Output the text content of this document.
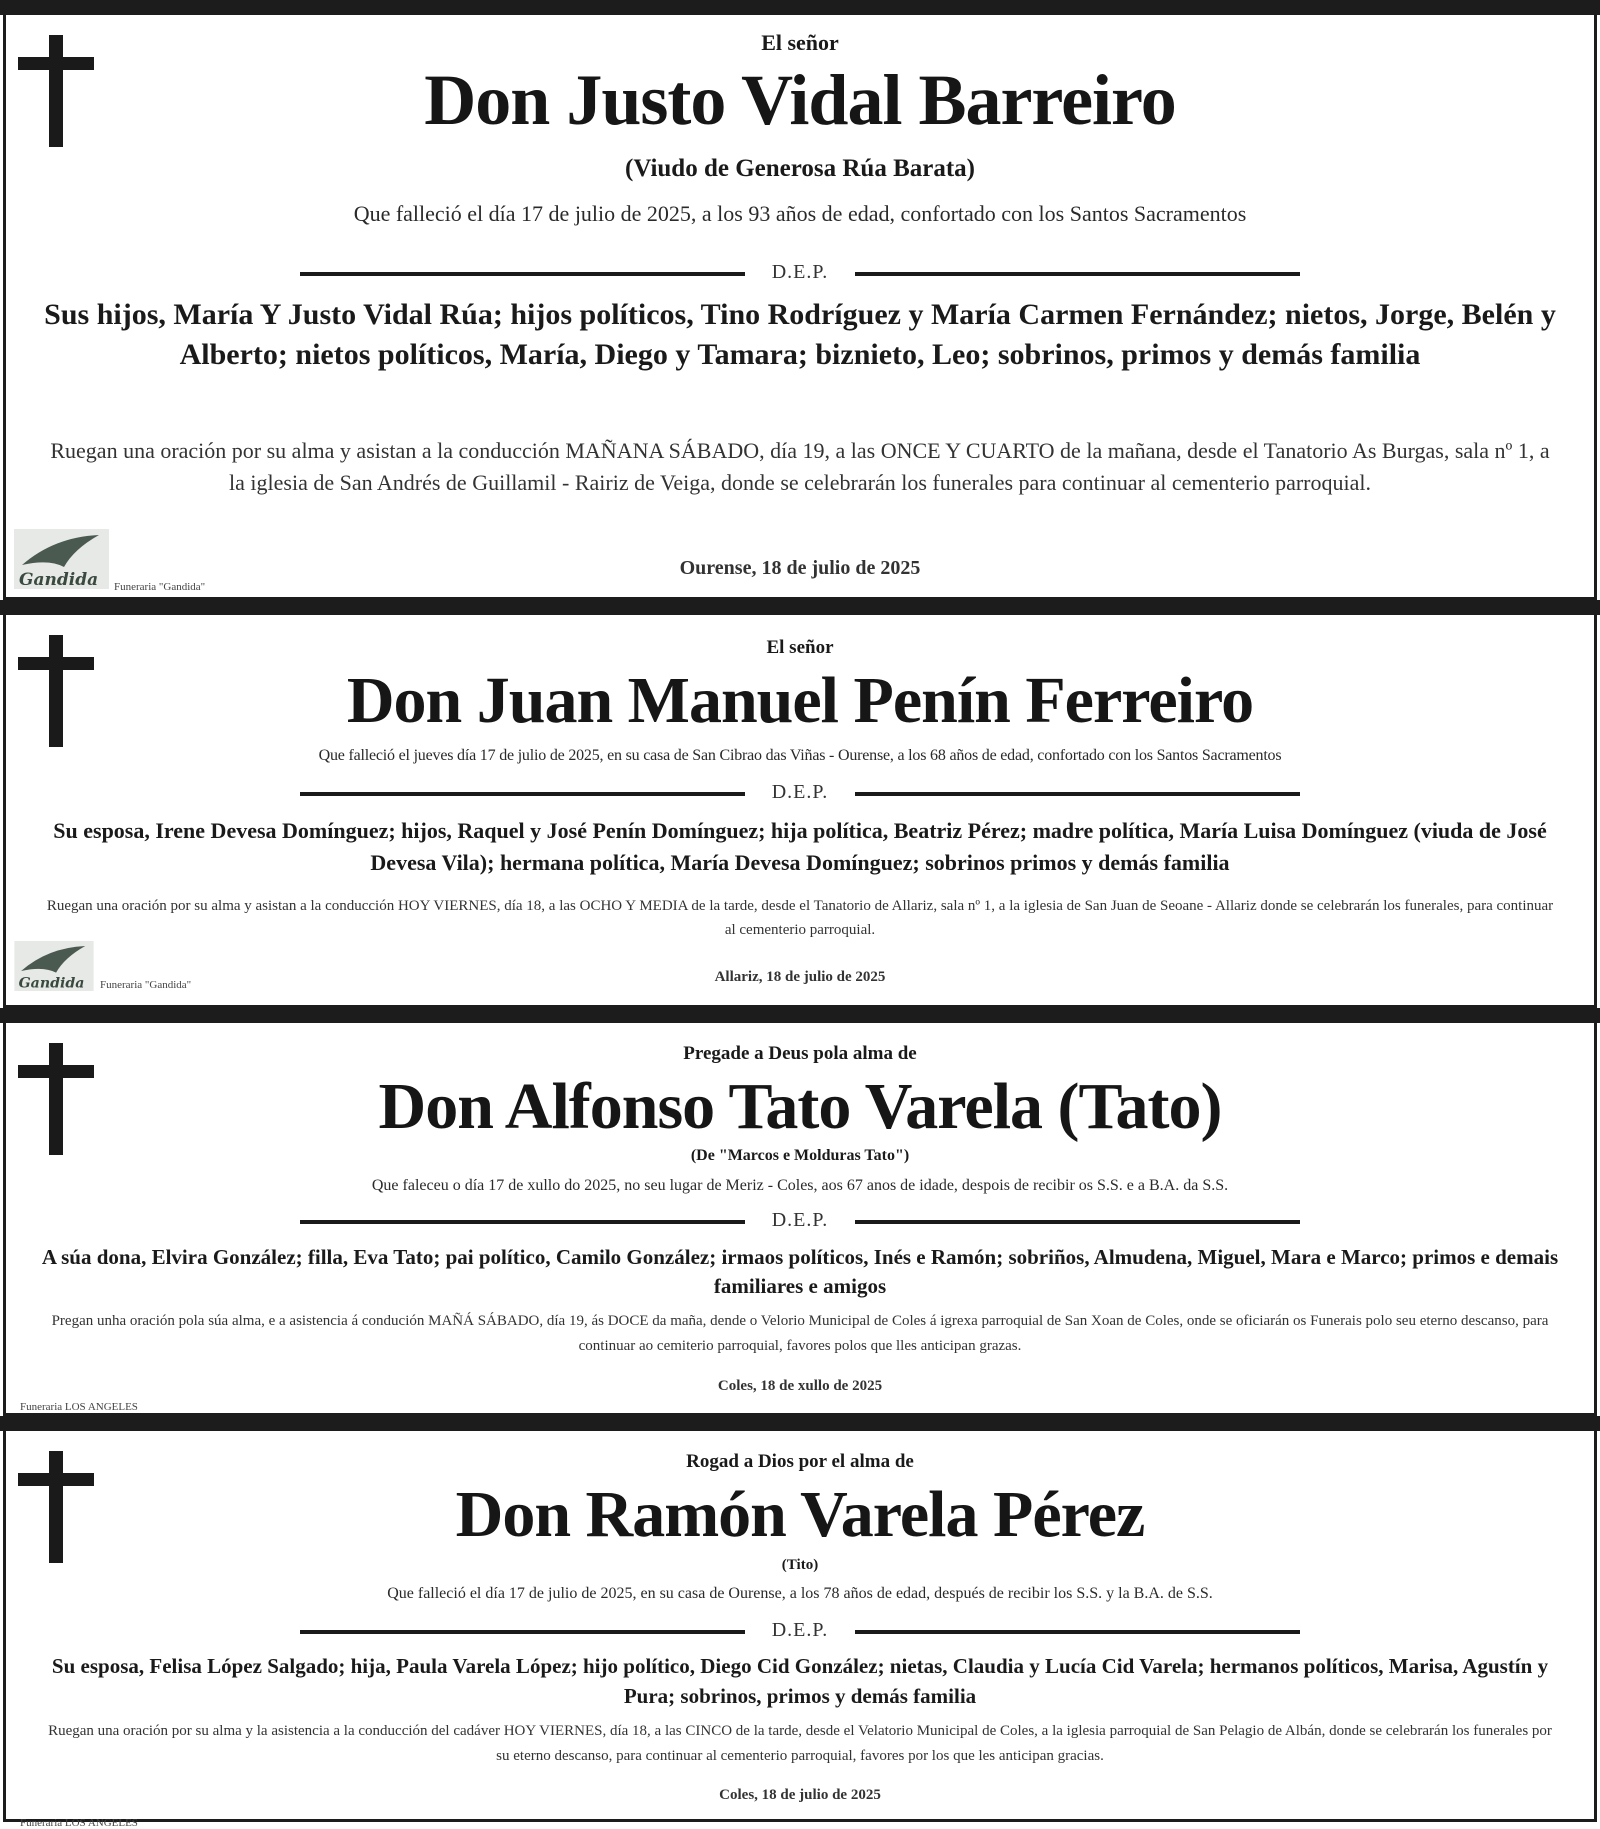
El señor
Don Justo Vidal Barreiro
(Viudo de Generosa Rúa Barata)
Que falleció el día 17 de julio de 2025, a los 93 años de edad, confortado con los Santos Sacramentos
D.E.P.
Sus hijos, María Y Justo Vidal Rúa; hijos políticos, Tino Rodríguez y María Carmen Fernández; nietos, Jorge, Belén y Alberto; nietos políticos, María, Diego y Tamara; biznieto, Leo; sobrinos, primos y demás familia
Ruegan una oración por su alma y asistan a la conducción MAÑANA SÁBADO, día 19, a las ONCE Y CUARTO de la mañana, desde el Tanatorio As Burgas, sala nº 1, a la iglesia de San Andrés de Guillamil - Rairiz de Veiga, donde se celebrarán los funerales para continuar al cementerio parroquial.
Ourense, 18 de julio de 2025
Gandida Funeraria "Gandida"
El señor
Don Juan Manuel Penín Ferreiro
Que falleció el jueves día 17 de julio de 2025, en su casa de San Cibrao das Viñas - Ourense, a los 68 años de edad, confortado con los Santos Sacramentos
D.E.P.
Su esposa, Irene Devesa Domínguez; hijos, Raquel y José Penín Domínguez; hija política, Beatriz Pérez; madre política, María Luisa Domínguez (viuda de José Devesa Vila); hermana política, María Devesa Domínguez; sobrinos primos y demás familia
Ruegan una oración por su alma y asistan a la conducción HOY VIERNES, día 18, a las OCHO Y MEDIA de la tarde, desde el Tanatorio de Allariz, sala nº 1, a la iglesia de San Juan de Seoane - Allariz donde se celebrarán los funerales, para continuar al cementerio parroquial.
Allariz, 18 de julio de 2025
Gandida Funeraria "Gandida"
Pregade a Deus pola alma de
Don Alfonso Tato Varela (Tato)
(De "Marcos e Molduras Tato")
Que faleceu o día 17 de xullo do 2025, no seu lugar de Meriz - Coles, aos 67 anos de idade, despois de recibir os S.S. e a B.A. da S.S.
D.E.P.
A súa dona, Elvira González; filla, Eva Tato; pai político, Camilo González; irmaos políticos, Inés e Ramón; sobriños, Almudena, Miguel, Mara e Marco; primos e demais familiares e amigos
Pregan unha oración pola súa alma, e a asistencia á condución MAÑÁ SÁBADO, día 19, ás DOCE da maña, dende o Velorio Municipal de Coles á igrexa parroquial de San Xoan de Coles, onde se oficiarán os Funerais polo seu eterno descanso, para continuar ao cemiterio parroquial, favores polos que lles anticipan grazas.
Coles, 18 de xullo de 2025
Funeraria LOS ANGELES
Rogad a Dios por el alma de
Don Ramón Varela Pérez
(Tito)
Que falleció el día 17 de julio de 2025, en su casa de Ourense, a los 78 años de edad, después de recibir los S.S. y la B.A. de S.S.
D.E.P.
Su esposa, Felisa López Salgado; hija, Paula Varela López; hijo político, Diego Cid González; nietas, Claudia y Lucía Cid Varela; hermanos políticos, Marisa, Agustín y Pura; sobrinos, primos y demás familia
Ruegan una oración por su alma y la asistencia a la conducción del cadáver HOY VIERNES, día 18, a las CINCO de la tarde, desde el Velatorio Municipal de Coles, a la iglesia parroquial de San Pelagio de Albán, donde se celebrarán los funerales por su eterno descanso, para continuar al cementerio parroquial, favores por los que les anticipan gracias.
Coles, 18 de julio de 2025
Funeraria LOS ANGELES
